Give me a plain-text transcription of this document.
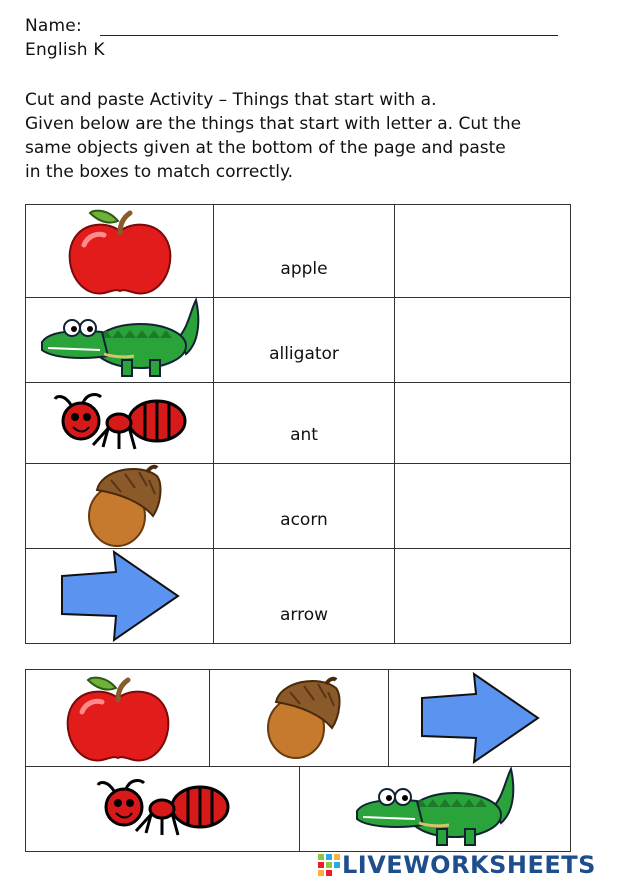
Name:
English K
Cut and paste Activity – Things that start with a.
Given below are the things that start with letter a. Cut the
same objects given at the bottom of the page and paste
in the boxes to match correctly.

apple	

alligator	

ant	

acorn	

arrow	

LIVEWORKSHEETS
